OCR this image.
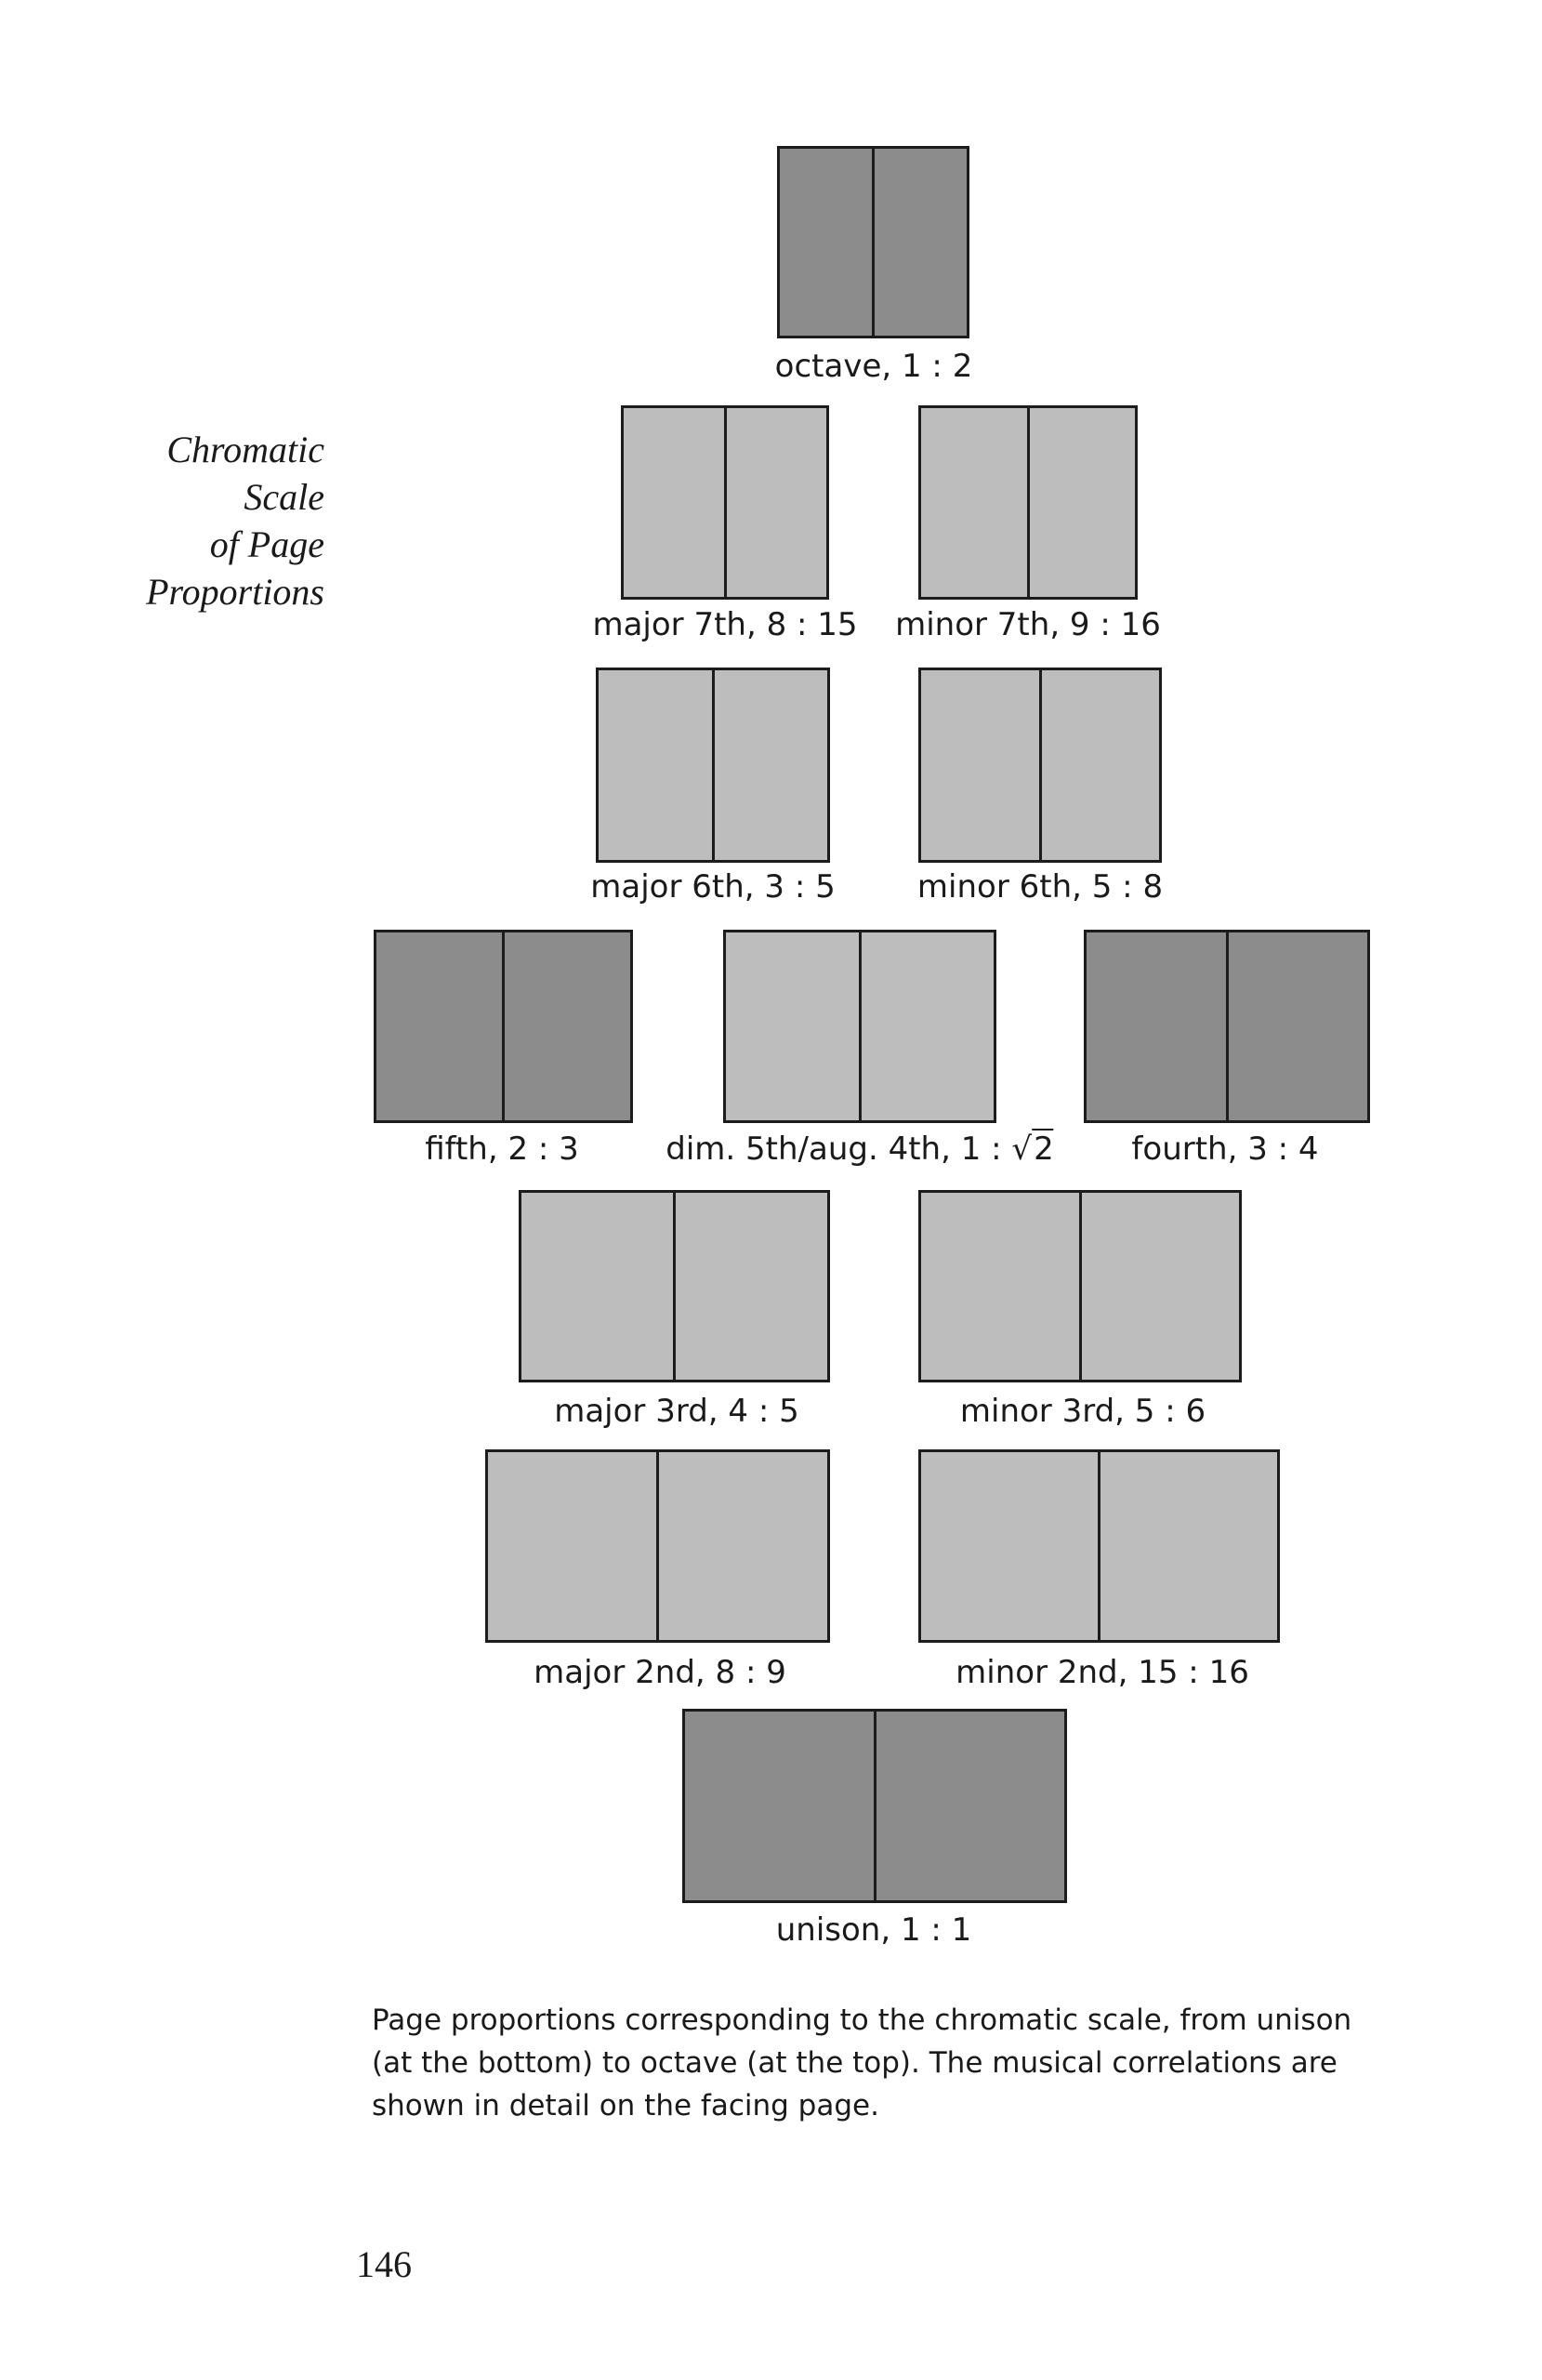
Chromatic
Scale
of Page
Proportions
octave, 1 : 2
major 7th, 8 : 15 minor 7th, 9 : 16
major 6th, 3 : 5	minor 6th, 5 : 8
fifth, 2 : 3	dim. 5th/aug. 4th, 1 : √2 fourth, 3 : 4
major 3rd, 4 : 5	minor 3rd, 5 : 6
major 2nd, 8 : 9	minor 2nd, 15 : 16
unison, 1 : 1
Page proportions corresponding to the chromatic scale, from unison (at the bottom) to octave (at the top). The musical correlations are shown in detail on the facing page.
146
